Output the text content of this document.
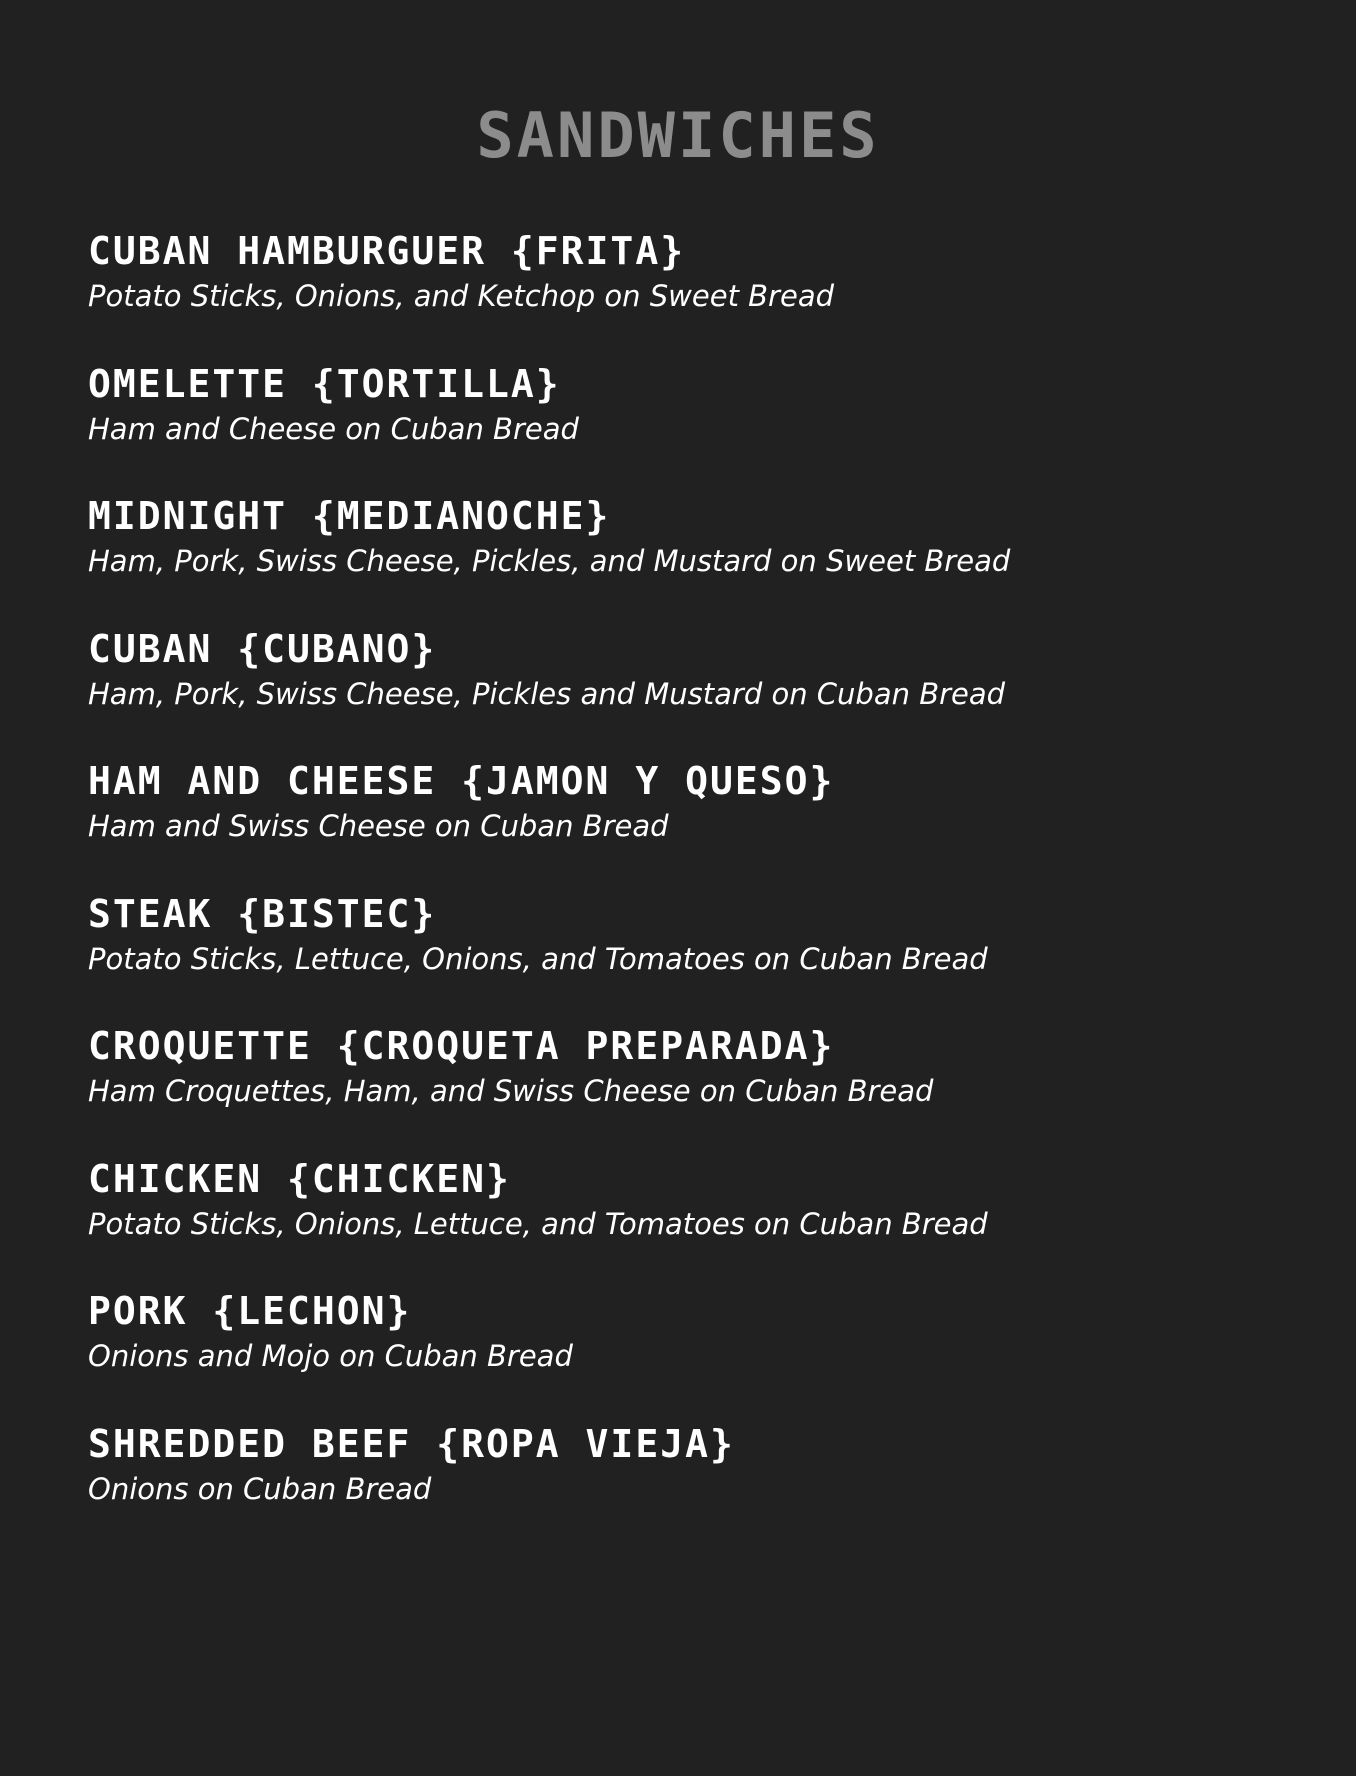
SANDWICHES
CUBAN HAMBURGUER {FRITA}
Potato Sticks, Onions, and Ketchop on Sweet Bread
OMELETTE {TORTILLA}
Ham and Cheese on Cuban Bread
MIDNIGHT {MEDIANOCHE}
Ham, Pork, Swiss Cheese, Pickles, and Mustard on Sweet Bread
CUBAN {CUBANO}
Ham, Pork, Swiss Cheese, Pickles and Mustard on Cuban Bread
HAM AND CHEESE {JAMON Y QUESO}
Ham and Swiss Cheese on Cuban Bread
STEAK {BISTEC}
Potato Sticks, Lettuce, Onions, and Tomatoes on Cuban Bread
CROQUETTE {CROQUETA PREPARADA}
Ham Croquettes, Ham, and Swiss Cheese on Cuban Bread
CHICKEN {CHICKEN}
Potato Sticks, Onions, Lettuce, and Tomatoes on Cuban Bread
PORK {LECHON}
Onions and Mojo on Cuban Bread
SHREDDED BEEF {ROPA VIEJA}
Onions on Cuban Bread
